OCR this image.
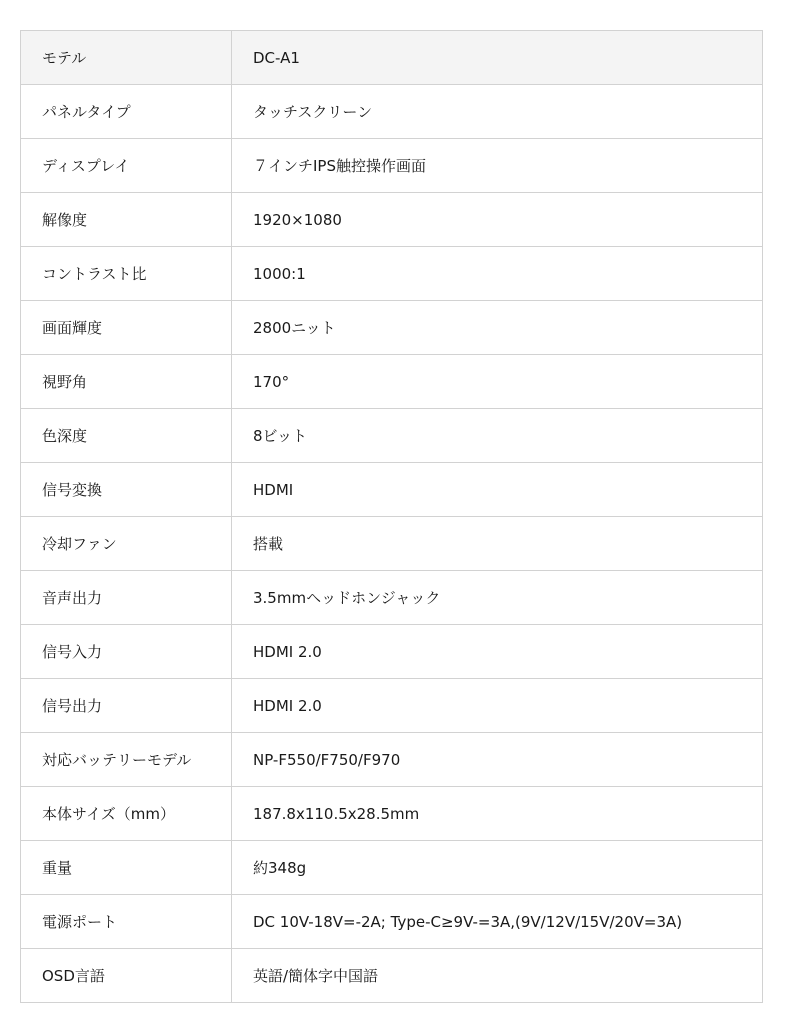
モテル	DC-A1
パネルタイプ	タッチスクリーン
ディスプレイ	７インチIPS触控操作画面
解像度	1920×1080
コントラスト比	1000:1
画面輝度	2800ニット
視野角	170°
色深度	8ビット
信号変換	HDMI
冷却ファン	搭載
音声出力	3.5mmヘッドホンジャック
信号入力	HDMI 2.0
信号出力	HDMI 2.0
対応バッテリーモデル	NP-F550/F750/F970
本体サイズ（mm）	187.8x110.5x28.5mm
重量	約348g
電源ポート	DC 10V-18V=-2A; Type-C≥9V-=3A,(9V/12V/15V/20V=3A)
OSD言語	英語/簡体字中国語
